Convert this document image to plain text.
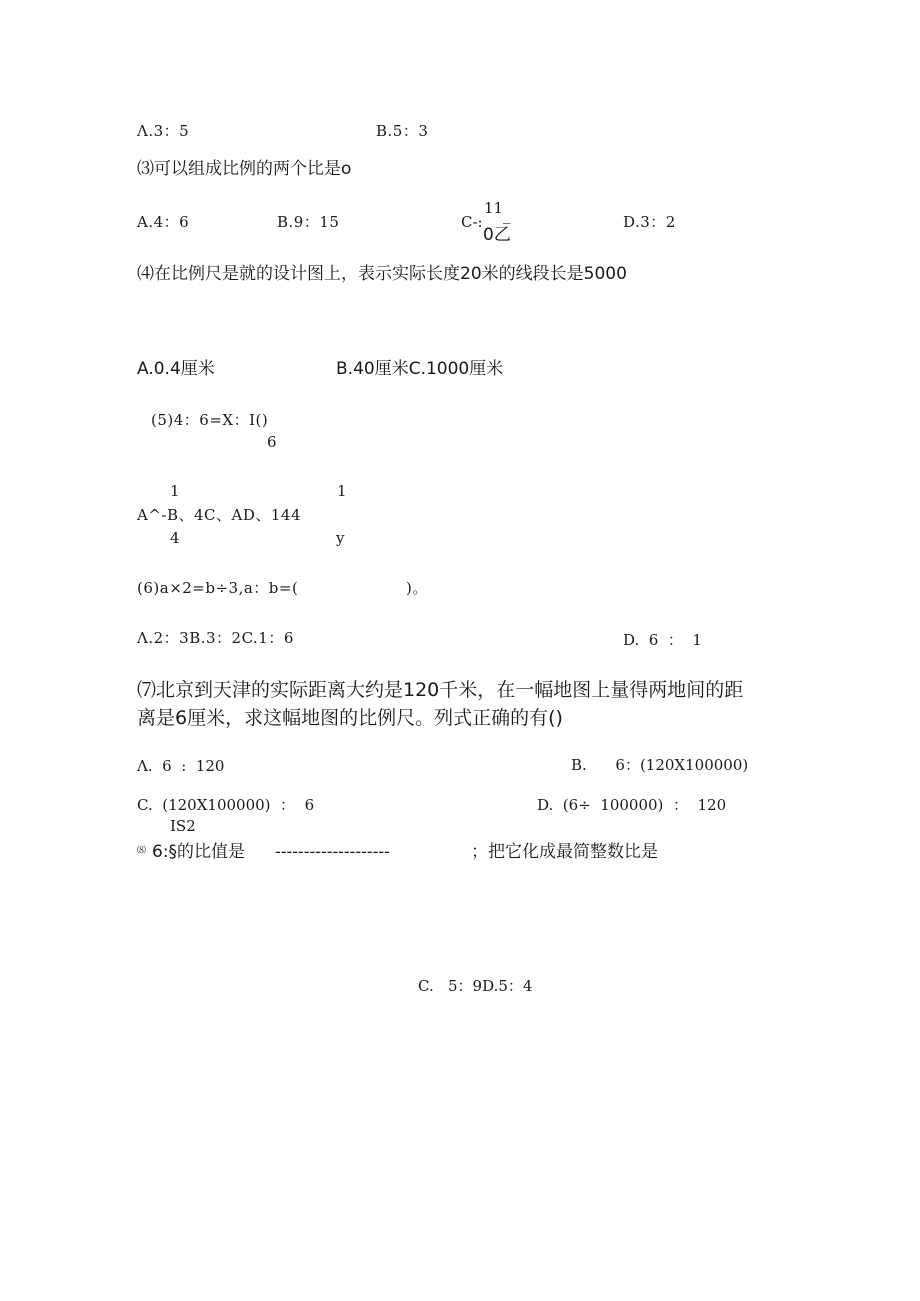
Λ.3：5	B.5：3
⑶可以组成比例的两个比是o
A.4：6	B.9：15	C-:
11 _
0乙
D.3：2
⑷在比例尺是就的设计图上，表示实际长度20米的线段长是5000
A.0.4厘米	B.40厘米C.1000厘米
(5)4：6=X：I()
6
1	1
A^-B、4C、AD、144
4	y
(6)a×2=b÷3,a：b=(	)。
Λ.2：3B.3：2C.1：6	D.  6  ：  1
⑺北京到天津的实际距离大约是120千米，在一幅地图上量得两地间的距
离是6厘米，求这幅地图的比例尺。列式正确的有()
Λ.  6  :  120	B.      6：(120X100000)
C.  (120X100000)  ：  6	D.  (6÷  100000)  ：  120
IS2
⑻ 6:§的比值是 --------------------	；把它化成最简整数比是
C.   5：9D.5：4
